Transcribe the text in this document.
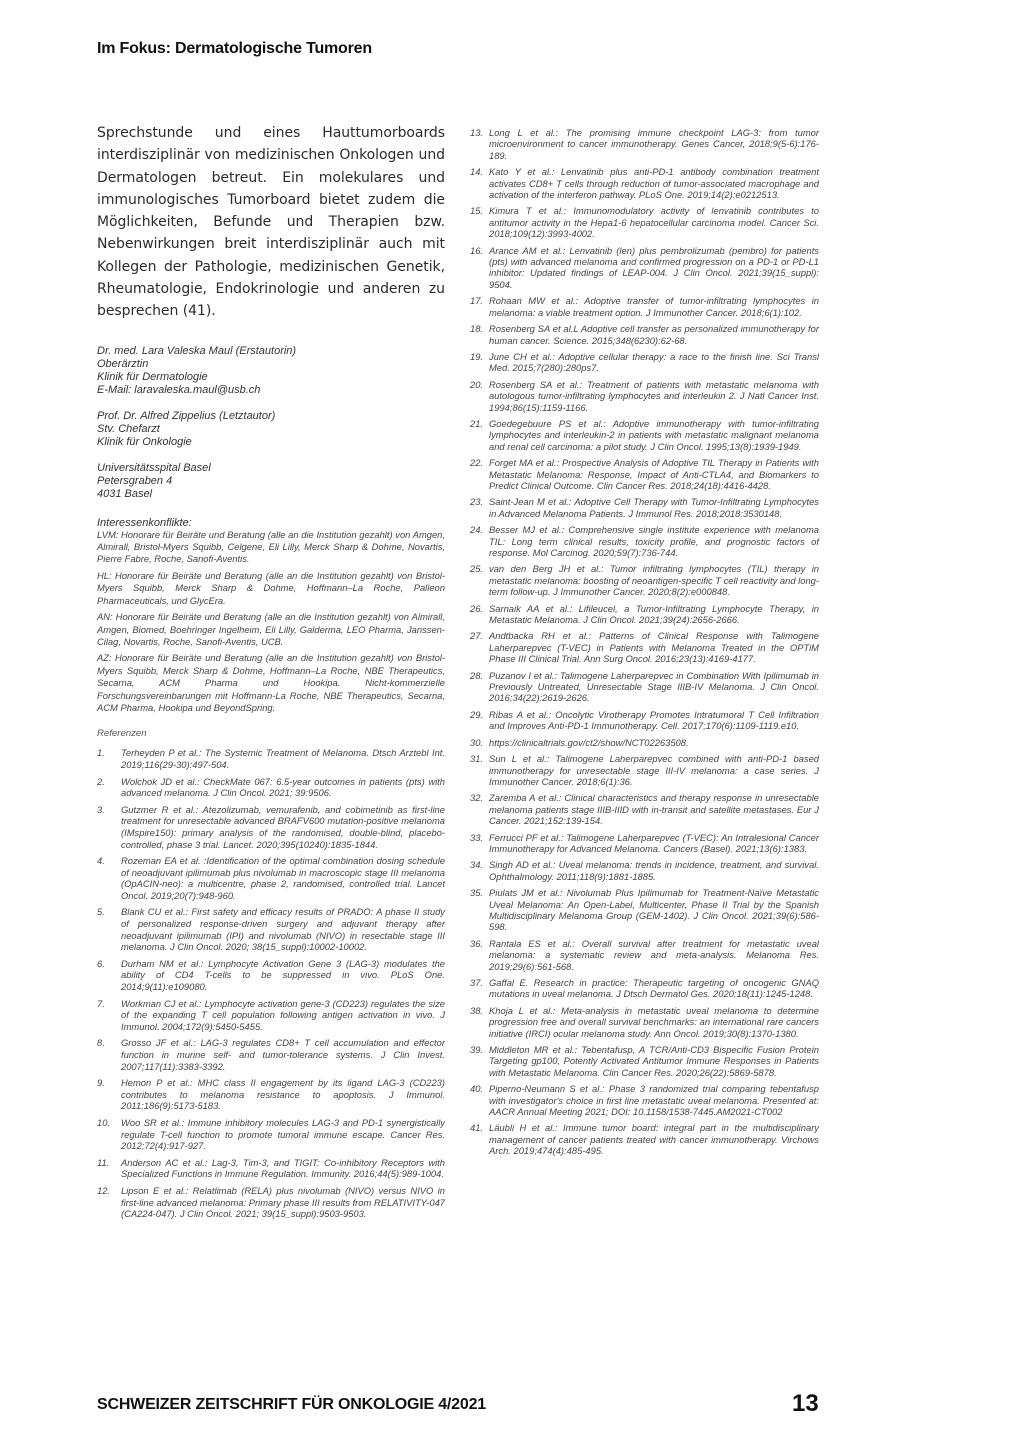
Im Fokus: Dermatologische Tumoren

Sprechstunde und eines Hauttumorboards interdisziplinär von medizinischen Onkologen und Dermatologen betreut. Ein molekulares und immunologisches Tumorboard bietet zudem die Möglichkeiten, Befunde und Therapien bzw. Nebenwirkungen breit interdisziplinär auch mit Kollegen der Pathologie, medizinischen Genetik, Rheumatologie, Endokrinologie und anderen zu besprechen (41).

Dr. med. Lara Valeska Maul (Erstautorin)
Oberärztin
Klinik für Dermatologie
E-Mail: laravaleska.maul@usb.ch
Prof. Dr. Alfred Zippelius (Letztautor)
Stv. Chefarzt
Klinik für Onkologie
Universitätsspital Basel
Petersgraben 4
4031 Basel
Interessenkonflikte:

LVM: Honorare für Beiräte und Beratung (alle an die Institution gezahlt) von Amgen, Almirall, Bristol-Myers Squibb, Celgene, Eli Lilly, Merck Sharp & Dohme, Novartis, Pierre Fabre, Roche, Sanofi-Aventis.

HL: Honorare für Beiräte und Beratung (alle an die Institution gezahlt) von Bristol-Myers Squibb, Merck Sharp & Dohme, Hoffmann–La Roche, Palleon Pharmaceuticals, und GlycEra.

AN: Honorare für Beiräte und Beratung (alle an die Institution gezahlt) von Almirall, Amgen, Biomed, Boehringer Ingelheim, Eli Lilly, Galderma, LEO Pharma, Janssen-Cilag, Novartis, Roche, Sanofi-Aventis, UCB.

AZ: Honorare für Beiräte und Beratung (alle an die Institution gezahlt) von Bristol-Myers Squibb, Merck Sharp & Dohme, Hoffmann–La Roche, NBE Therapeutics, Secarna, ACM Pharma und Hookipa. Nicht-kommerzielle Forschungsvereinbarungen mit Hoffmann-La Roche, NBE Therapeutics, Secarna, ACM Pharma, Hookipa und BeyondSpring.

Referenzen
1.	Terheyden P et al.: The Systemic Treatment of Melanoma. Dtsch Arztebl Int. 2019;116(29-30):497-504.
2.	Wolchok JD et al.: CheckMate 067: 6.5-year outcomes in patients (pts) with advanced melanoma. J Clin Oncol. 2021; 39:9506.
3.	Gutzmer R et al.: Atezolizumab, vemurafenib, and cobimetinib as first-line treatment for unresectable advanced BRAFV600 mutation-positive melanoma (IMspire150): primary analysis of the randomised, double-blind, placebo-controlled, phase 3 trial. Lancet. 2020;395(10240):1835-1844.
4.	Rozeman EA et al. :Identification of the optimal combination dosing schedule of neoadjuvant ipilimumab plus nivolumab in macroscopic stage III melanoma (OpACIN-neo): a multicentre, phase 2, randomised, controlled trial. Lancet Oncol. 2019;20(7):948-960.
5.	Blank CU et al.: First safety and efficacy results of PRADO: A phase II study of personalized response-driven surgery and adjuvant therapy after neoadjuvant ipilimumab (IPI) and nivolumab (NIVO) in resectable stage III melanoma. J Clin Oncol. 2020; 38(15_suppl):10002-10002.
6.	Durham NM et al.: Lymphocyte Activation Gene 3 (LAG-3) modulates the ability of CD4 T-cells to be suppressed in vivo. PLoS One. 2014;9(11):e109080.
7.	Workman CJ et al.: Lymphocyte activation gene-3 (CD223) regulates the size of the expanding T cell population following antigen activation in vivo. J Immunol. 2004;172(9):5450-5455.
8.	Grosso JF et al.: LAG-3 regulates CD8+ T cell accumulation and effector function in murine self- and tumor-tolerance systems. J Clin Invest. 2007;117(11):3383-3392.
9.	Hemon P et al.: MHC class II engagement by its ligand LAG-3 (CD223) contributes to melanoma resistance to apoptosis. J Immunol. 2011;186(9):5173-5183.
10.	Woo SR et al.: Immune inhibitory molecules LAG-3 and PD-1 synergistically regulate T-cell function to promote tumoral immune escape. Cancer Res. 2012;72(4):917-927.
11.	Anderson AC et al.: Lag-3, Tim-3, and TIGIT: Co-inhibitory Receptors with Specialized Functions in Immune Regulation. Immunity. 2016;44(5):989-1004.
12.	Lipson E et al.: Relatlimab (RELA) plus nivolumab (NIVO) versus NIVO in first-line advanced melanoma: Primary phase III results from RELATIVITY-047 (CA224-047). J Clin Oncol. 2021; 39(15_suppl):9503-9503.
13. Long L et al.: The promising immune checkpoint LAG-3: from tumor microenvironment to cancer immunotherapy. Genes Cancer, 2018;9(5-6):176-189.
14. Kato Y et al.: Lenvatinib plus anti-PD-1 antibody combination treatment activates CD8+ T cells through reduction of tumor-associated macrophage and activation of the interferon pathway. PLoS One. 2019;14(2):e0212513.
15. Kimura T et al.: Immunomodulatory activity of lenvatinib contributes to antitumor activity in the Hepa1-6 hepatocellular carcinoma model. Cancer Sci. 2018;109(12):3993-4002.
16. Arance AM et al.: Lenvatinib (len) plus pembrolizumab (pembro) for patients (pts) with advanced melanoma and confirmed progression on a PD-1 or PD-L1 inhibitor: Updated findings of LEAP-004. J Clin Oncol. 2021;39(15_suppl): 9504.
17. Rohaan MW et al.: Adoptive transfer of tumor-infiltrating lymphocytes in melanoma: a viable treatment option. J Immunother Cancer. 2018;6(1):102.
18. Rosenberg SA et al.L Adoptive cell transfer as personalized immunotherapy for human cancer. Science. 2015;348(6230):62-68.
19. June CH et al.: Adoptive cellular therapy: a race to the finish line. Sci Transl Med. 2015;7(280):280ps7.
20. Rosenberg SA et al.: Treatment of patients with metastatic melanoma with autologous tumor-infiltrating lymphocytes and interleukin 2. J Natl Cancer Inst. 1994;86(15):1159-1166.
21. Goedegebuure PS et al.: Adoptive immunotherapy with tumor-infiltrating lymphocytes and interleukin-2 in patients with metastatic malignant melanoma and renal cell carcinoma: a pilot study. J Clin Oncol. 1995;13(8):1939-1949.
22. Forget MA et al.: Prospective Analysis of Adoptive TIL Therapy in Patients with Metastatic Melanoma: Response, Impact of Anti-CTLA4, and Biomarkers to Predict Clinical Outcome. Clin Cancer Res. 2018;24(18):4416-4428.
23. Saint-Jean M et al.: Adoptive Cell Therapy with Tumor-Infiltrating Lymphocytes in Advanced Melanoma Patients. J Immunol Res. 2018;2018:3530148.
24. Besser MJ et al.: Comprehensive single institute experience with melanoma TIL: Long term clinical results, toxicity profile, and prognostic factors of response. Mol Carcinog. 2020;59(7):736-744.
25. van den Berg JH et al.: Tumor infiltrating lymphocytes (TIL) therapy in metastatic melanoma: boosting of neoantigen-specific T cell reactivity and long-term follow-up. J Immunother Cancer. 2020;8(2):e000848.
26. Sarnaik AA et al.: Lifileucel, a Tumor-Infiltrating Lymphocyte Therapy, in Metastatic Melanoma. J Clin Oncol. 2021;39(24):2656-2666.
27. Andtbacka RH et al.: Patterns of Clinical Response with Talimogene Laherparepvec (T-VEC) in Patients with Melanoma Treated in the OPTiM Phase III Clinical Trial. Ann Surg Oncol. 2016;23(13):4169-4177.
28. Puzanov I et al.: Talimogene Laherparepvec in Combination With Ipilimumab in Previously Untreated, Unresectable Stage IIIB-IV Melanoma. J Clin Oncol. 2016;34(22):2619-2626.
29. Ribas A et al.: Oncolytic Virotherapy Promotes Intratumoral T Cell Infiltration and Improves Anti-PD-1 Immunotherapy. Cell. 2017;170(6):1109-1119.e10.
30. https://clinicaltrials.gov/ct2/show/NCT02263508.
31. Sun L et al.: Talimogene Laherparepvec combined with anti-PD-1 based immunotherapy for unresectable stage III-IV melanoma: a case series. J Immunother Cancer. 2018;6(1):36.
32. Zaremba A et al.: Clinical characteristics and therapy response in unresectable melanoma patients stage IIIB-IIID with in-transit and satellite metastases. Eur J Cancer. 2021;152:139-154.
33. Ferrucci PF et al.: Talimogene Laherparepvec (T-VEC): An Intralesional Cancer Immunotherapy for Advanced Melanoma. Cancers (Basel). 2021;13(6):1383.
34. Singh AD et al.: Uveal melanoma: trends in incidence, treatment, and survival. Ophthalmology. 2011;118(9):1881-1885.
35. Piulats JM et al.: Nivolumab Plus Ipilimumab for Treatment-Naïve Metastatic Uveal Melanoma: An Open-Label, Multicenter, Phase II Trial by the Spanish Multidisciplinary Melanoma Group (GEM-1402). J Clin Oncol. 2021;39(6):586-598.
36. Rantala ES et al.: Overall survival after treatment for metastatic uveal melanoma: a systematic review and meta-analysis. Melanoma Res. 2019;29(6):561-568.
37. Gaffal E. Research in practice: Therapeutic targeting of oncogenic GNAQ mutations in uveal melanoma. J Dtsch Dermatol Ges. 2020;18(11):1245-1248.
38. Khoja L et al.: Meta-analysis in metastatic uveal melanoma to determine progression free and overall survival benchmarks: an international rare cancers initiative (IRCI) ocular melanoma study. Ann Oncol. 2019;30(8):1370-1380.
39. Middleton MR et al.: Tebentafusp, A TCR/Anti-CD3 Bispecific Fusion Protein Targeting gp100, Potently Activated Antitumor Immune Responses in Patients with Metastatic Melanoma. Clin Cancer Res. 2020;26(22):5869-5878.
40. Piperno-Neumann S et al.: Phase 3 randomized trial comparing tebentafusp with investigator's choice in first line metastatic uveal melanoma. Presented at: AACR Annual Meeting 2021; DOI: 10.1158/1538-7445.AM2021-CT002
41. Läubli H et al.: Immune tumor board: integral part in the multidisciplinary management of cancer patients treated with cancer immunotherapy. Virchows Arch. 2019;474(4):485-495.
SCHWEIZER ZEITSCHRIFT FÜR ONKOLOGIE 4/2021	13
